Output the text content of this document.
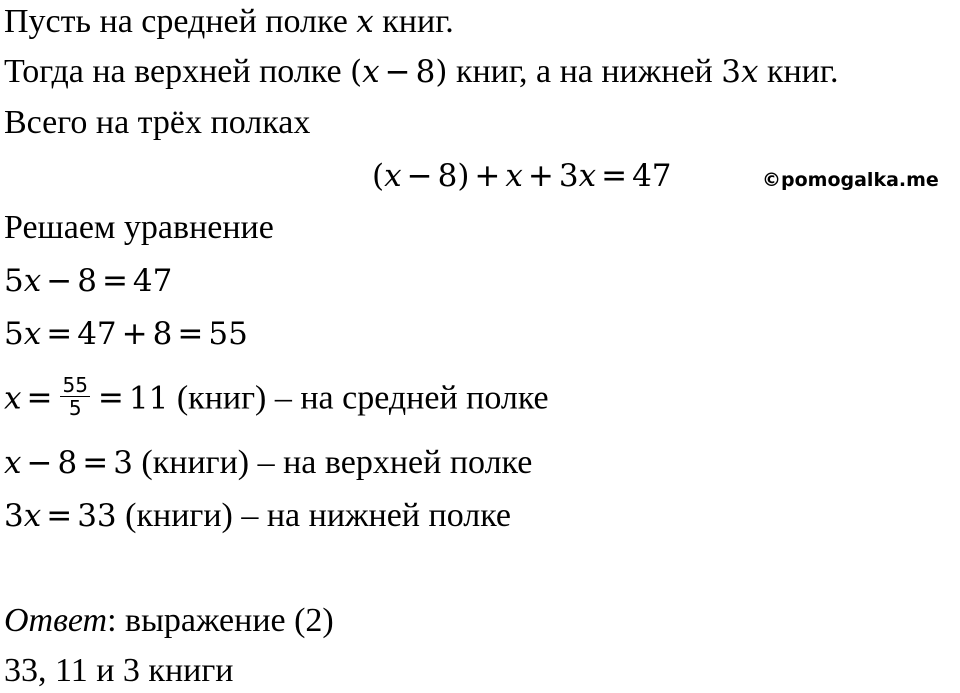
Пусть на средней полке x книг.
Тогда на верхней полке (x − 8) книг, а на нижней 3x книг.
Всего на трёх полках
(x − 8) + x + 3x = 47	©pomogalka.me
Решаем уравнение
5x − 8 = 47
5x = 47 + 8 = 55
$x = \frac{55}{5} = 11$ (книг) – на средней полке
x − 8 = 3 (книги) – на верхней полке
3x = 33 (книги) – на нижней полке
Ответ: выражение (2)
33, 11 и 3 книги
